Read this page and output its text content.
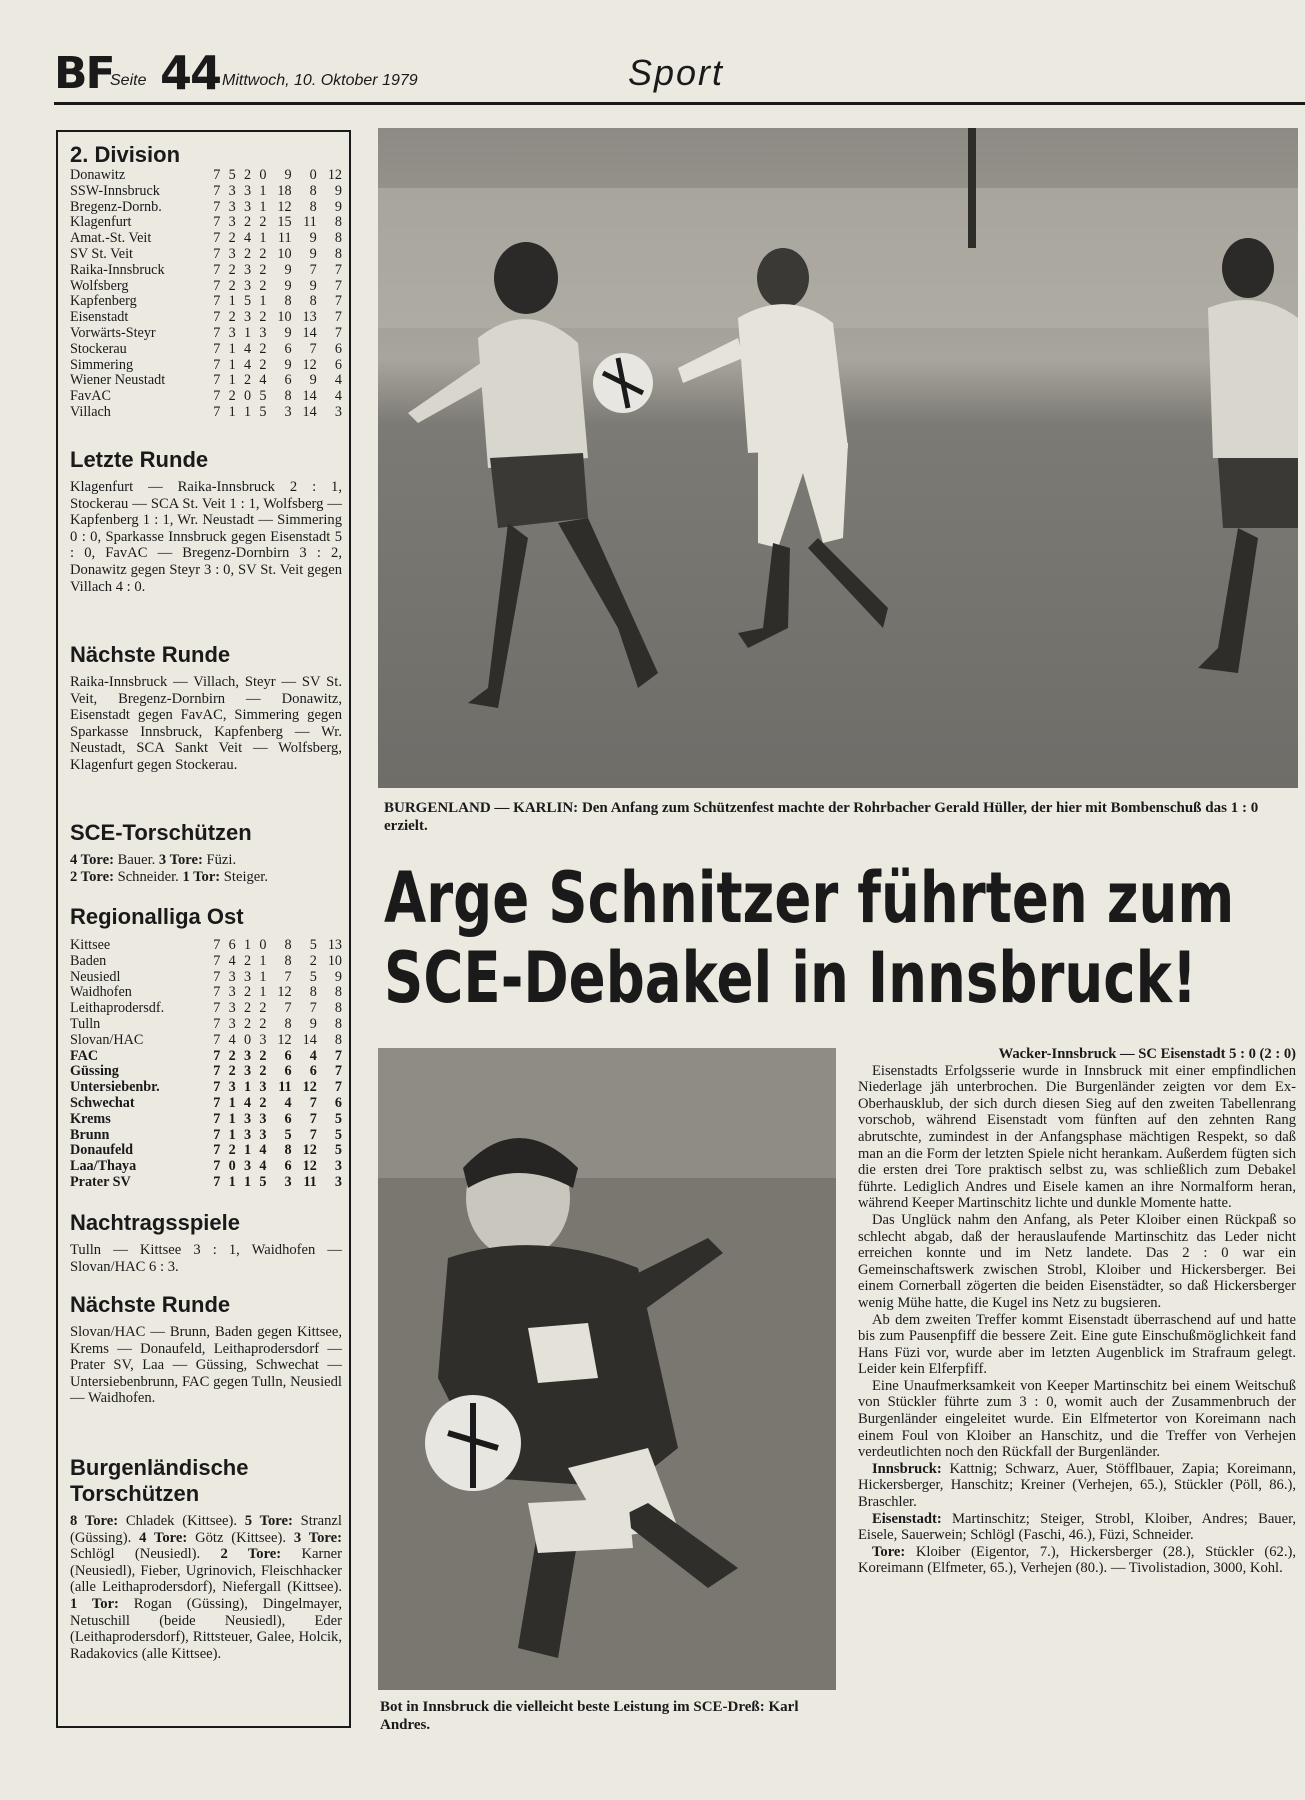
BF
Seite 44 Mittwoch, 10. Oktober 1979	Sport
2. Division
Donawitz	7	5	2	0	9	0	12
SSW-Innsbruck	7	3	3	1	18	8	9
Bregenz-Dornb.	7	3	3	1	12	8	9
Klagenfurt	7	3	2	2	15	11	8
Amat.-St. Veit	7	2	4	1	11	9	8
SV St. Veit	7	3	2	2	10	9	8
Raika-Innsbruck	7	2	3	2	9	7	7
Wolfsberg	7	2	3	2	9	9	7
Kapfenberg	7	1	5	1	8	8	7
Eisenstadt	7	2	3	2	10	13	7
Vorwärts-Steyr	7	3	1	3	9	14	7
Stockerau	7	1	4	2	6	7	6
Simmering	7	1	4	2	9	12	6
Wiener Neustadt	7	1	2	4	6	9	4
FavAC	7	2	0	5	8	14	4
Villach	7	1	1	5	3	14	3
Letzte Runde

Klagenfurt — Raika-Innsbruck 2 : 1, Stockerau — SCA St. Veit 1 : 1, Wolfsberg — Kapfenberg 1 : 1, Wr. Neustadt — Simmering 0 : 0, Sparkasse Innsbruck gegen Eisenstadt 5 : 0, FavAC — Bregenz-Dornbirn 3 : 2, Donawitz gegen Steyr 3 : 0, SV St. Veit gegen Villach 4 : 0.

Nächste Runde

Raika-Innsbruck — Villach, Steyr — SV St. Veit, Bregenz-Dornbirn — Donawitz, Eisenstadt gegen FavAC, Simmering gegen Sparkasse Innsbruck, Kapfenberg — Wr. Neustadt, SCA Sankt Veit — Wolfsberg, Klagenfurt gegen Stockerau.

SCE-Torschützen

4 Tore: Bauer. 3 Tore: Füzi.
2 Tore: Schneider. 1 Tor: Steiger.

Regionalliga Ost
Kittsee	7	6	1	0	8	5	13
Baden	7	4	2	1	8	2	10
Neusiedl	7	3	3	1	7	5	9
Waidhofen	7	3	2	1	12	8	8
Leithaprodersdf.	7	3	2	2	7	7	8
Tulln	7	3	2	2	8	9	8
Slovan/HAC	7	4	0	3	12	14	8
FAC	7	2	3	2	6	4	7
Güssing	7	2	3	2	6	6	7
Untersiebenbr.	7	3	1	3	11	12	7
Schwechat	7	1	4	2	4	7	6
Krems	7	1	3	3	6	7	5
Brunn	7	1	3	3	5	7	5
Donaufeld	7	2	1	4	8	12	5
Laa/Thaya	7	0	3	4	6	12	3
Prater SV	7	1	1	5	3	11	3
Nachtragsspiele

Tulln — Kittsee 3 : 1, Waidhofen — Slovan/HAC 6 : 3.

Nächste Runde

Slovan/HAC — Brunn, Baden gegen Kittsee, Krems — Donaufeld, Leithaprodersdorf — Prater SV, Laa — Güssing, Schwechat — Untersiebenbrunn, FAC gegen Tulln, Neusiedl — Waidhofen.

Burgenländische
Torschützen

8 Tore: Chladek (Kittsee). 5 Tore: Stranzl (Güssing). 4 Tore: Götz (Kittsee). 3 Tore: Schlögl (Neusiedl). 2 Tore: Karner (Neusiedl), Fieber, Ugrinovich, Fleischhacker (alle Leithaprodersdorf), Niefergall (Kittsee). 1 Tor: Rogan (Güssing), Dingelmayer, Netuschill (beide Neusiedl), Eder (Leithaprodersdorf), Rittsteuer, Galee, Holcik, Radakovics (alle Kittsee).

BURGENLAND — KARLIN: Den Anfang zum Schützenfest machte der Rohrbacher Gerald Hüller, der hier mit Bombenschuß das 1 : 0 erzielt.
Arge Schnitzer führten zum
SCE-Debakel in Innsbruck!
Bot in Innsbruck die vielleicht beste Leistung im SCE-Dreß: Karl Andres.

Wacker-Innsbruck — SC Eisenstadt 5 : 0 (2 : 0)

Eisenstadts Erfolgsserie wurde in Innsbruck mit einer empfindlichen Niederlage jäh unterbrochen. Die Burgenländer zeigten vor dem Ex-Oberhausklub, der sich durch diesen Sieg auf den zweiten Tabellenrang vorschob, während Eisenstadt vom fünften auf den zehnten Rang abrutschte, zumindest in der Anfangsphase mächtigen Respekt, so daß man an die Form der letzten Spiele nicht herankam. Außerdem fügten sich die ersten drei Tore praktisch selbst zu, was schließlich zum Debakel führte. Lediglich Andres und Eisele kamen an ihre Normalform heran, während Keeper Martinschitz lichte und dunkle Momente hatte.

Das Unglück nahm den Anfang, als Peter Kloiber einen Rückpaß so schlecht abgab, daß der herauslaufende Martinschitz das Leder nicht erreichen konnte und im Netz landete. Das 2 : 0 war ein Gemeinschaftswerk zwischen Strobl, Kloiber und Hickersberger. Bei einem Cornerball zögerten die beiden Eisenstädter, so daß Hickersberger wenig Mühe hatte, die Kugel ins Netz zu bugsieren.

Ab dem zweiten Treffer kommt Eisenstadt überraschend auf und hatte bis zum Pausenpfiff die bessere Zeit. Eine gute Einschußmöglichkeit fand Hans Füzi vor, wurde aber im letzten Augenblick im Strafraum gelegt. Leider kein Elferpfiff.

Eine Unaufmerksamkeit von Keeper Martinschitz bei einem Weitschuß von Stückler führte zum 3 : 0, womit auch der Zusammenbruch der Burgenländer eingeleitet wurde. Ein Elfmetertor von Koreimann nach einem Foul von Kloiber an Hanschitz, und die Treffer von Verhejen verdeutlichten noch den Rückfall der Burgenländer.

Innsbruck: Kattnig; Schwarz, Auer, Stöfflbauer, Zapia; Koreimann, Hickersberger, Hanschitz; Kreiner (Verhejen, 65.), Stückler (Pöll, 86.), Braschler.

Eisenstadt: Martinschitz; Steiger, Strobl, Kloiber, Andres; Bauer, Eisele, Sauerwein; Schlögl (Faschi, 46.), Füzi, Schneider.

Tore: Kloiber (Eigentor, 7.), Hickersberger (28.), Stückler (62.), Koreimann (Elfmeter, 65.), Verhejen (80.). — Tivolistadion, 3000, Kohl.
